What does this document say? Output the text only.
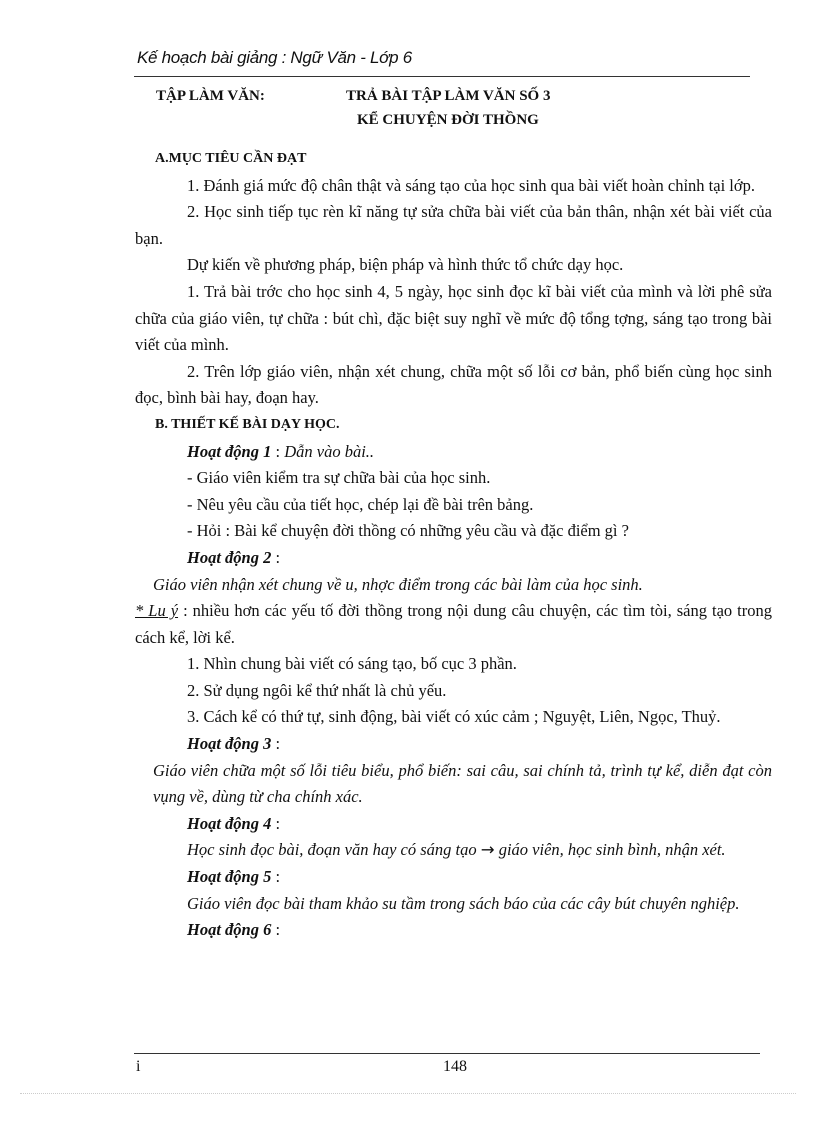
Kế hoạch bài giảng : Ngữ Văn - Lớp 6
TẬP LÀM VĂN:	TRẢ BÀI TẬP LÀM VĂN SỐ 3
KỂ CHUYỆN ĐỜI THỒNG

A.MỤC TIÊU CẦN ĐẠT

1. Đánh giá mức độ chân thật và sáng tạo của học sinh qua bài viết hoàn chỉnh tại lớp.

2. Học sinh tiếp tục rèn kĩ năng tự sửa chữa bài viết của bản thân, nhận xét bài viết của bạn.

Dự kiến về phương pháp, biện pháp và hình thức tổ chức dạy học.

1. Trả bài trớc cho học sinh 4, 5 ngày, học sinh đọc kĩ bài viết của mình và lời phê sửa chữa của giáo viên, tự chữa : bút chì, đặc biệt suy nghĩ về mức độ tổng tợng, sáng tạo trong bài viết của mình.

2. Trên lớp giáo viên, nhận xét chung, chữa một số lỗi cơ bản, phổ biến cùng học sinh đọc, bình bài hay, đoạn hay.

B. THIẾT KẾ BÀI DẠY HỌC.

Hoạt động 1 : Dẫn vào bài..

- Giáo viên kiểm tra sự chữa bài của học sinh.

- Nêu yêu cầu của tiết học, chép lại đề bài trên bảng.

- Hỏi : Bài kể chuyện đời thồng có những yêu cầu và đặc điểm gì ?

Hoạt động 2 :

Giáo viên nhận xét chung về u, nhợc điểm trong các bài làm của học sinh.

* Lu ý : nhiều hơn các yếu tố đời thồng trong nội dung câu chuyện, các tìm tòi, sáng tạo trong cách kể, lời kể.

1. Nhìn chung bài viết có sáng tạo, bố cục 3 phần.

2. Sử dụng ngôi kể thứ nhất là chủ yếu.

3. Cách kể có thứ tự, sinh động, bài viết có xúc cảm ; Nguyệt, Liên, Ngọc, Thuỷ.

Hoạt động 3 :

Giáo viên chữa một số lỗi tiêu biểu, phổ biến: sai câu, sai chính tả, trình tự kể, diễn đạt còn vụng về, dùng từ cha chính xác.

Hoạt động 4 :

Học sinh đọc bài, đoạn văn hay có sáng tạo → giáo viên, học sinh bình, nhận xét.

Hoạt động 5 :

Giáo viên đọc bài tham khảo su tầm trong sách báo của các cây bút chuyên nghiệp.

Hoạt động 6 :

i	148
